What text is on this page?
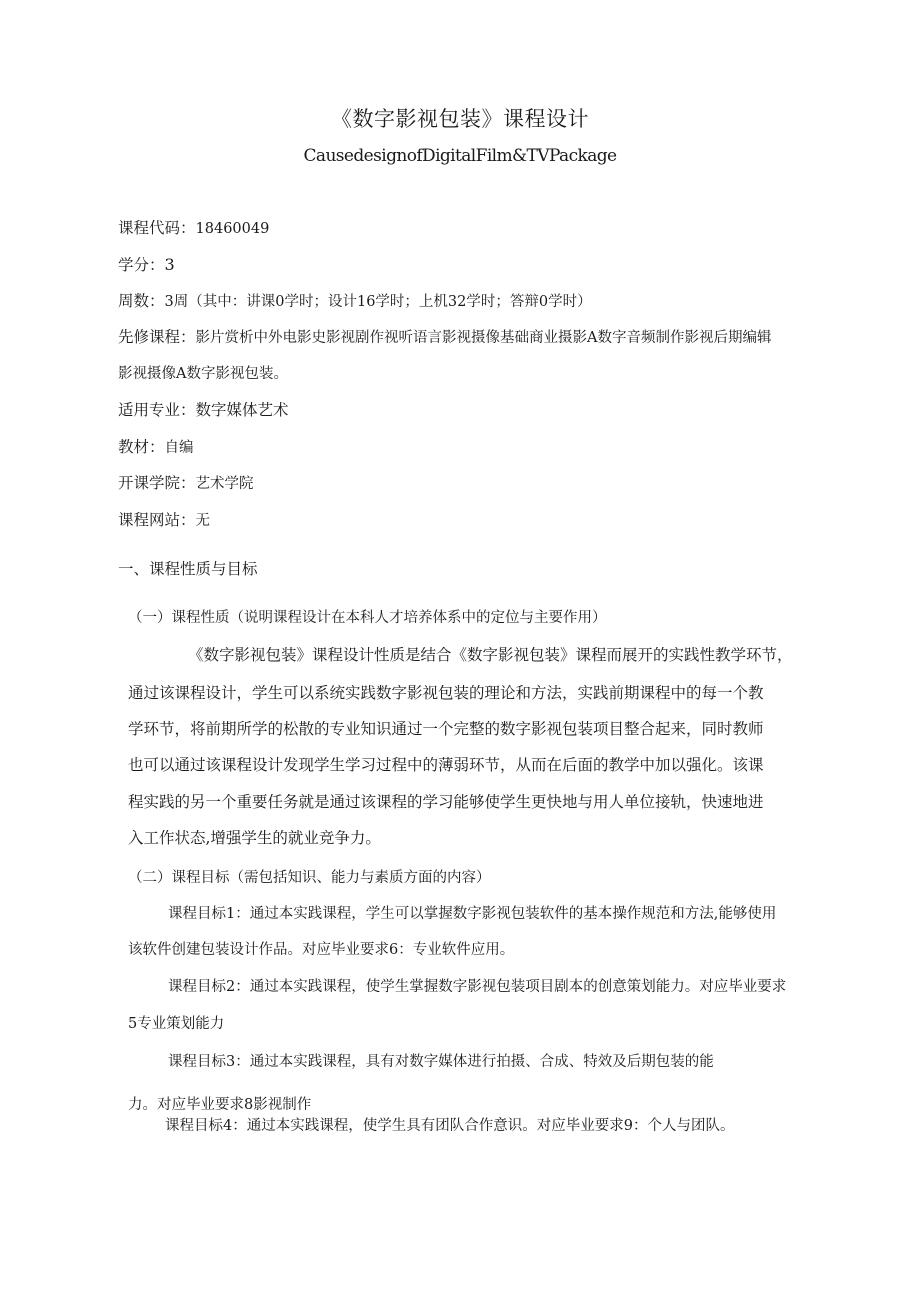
《数字影视包装》课程设计
CausedesignofDigitalFilm&TVPackage
课程代码：18460049
学分：3
周数：3周（其中：讲课0学时；设计16学时；上机32学时；答辩0学时）
先修课程：影片赏析中外电影史影视剧作视听语言影视摄像基础商业摄影A数字音频制作影视后期编辑
影视摄像A数字影视包装。
适用专业：数字媒体艺术
教材：自编
开课学院：艺术学院
课程网站：无
一、课程性质与目标
（一）课程性质（说明课程设计在本科人才培养体系中的定位与主要作用）
《数字影视包装》课程设计性质是结合《数字影视包装》课程而展开的实践性教学环节，
通过该课程设计，学生可以系统实践数字影视包装的理论和方法，实践前期课程中的每一个教
学环节，将前期所学的松散的专业知识通过一个完整的数字影视包装项目整合起来，同时教师
也可以通过该课程设计发现学生学习过程中的薄弱环节，从而在后面的教学中加以强化。该课
程实践的另一个重要任务就是通过该课程的学习能够使学生更快地与用人单位接轨，快速地进
入工作状态,增强学生的就业竞争力。
（二）课程目标（需包括知识、能力与素质方面的内容）
课程目标1：通过本实践课程，学生可以掌握数字影视包装软件的基本操作规范和方法,能够使用
该软件创建包装设计作品。对应毕业要求6：专业软件应用。
课程目标2：通过本实践课程，使学生掌握数字影视包装项目剧本的创意策划能力。对应毕业要求
5专业策划能力
课程目标3：通过本实践课程，具有对数字媒体进行拍摄、合成、特效及后期包装的能
力。对应毕业要求8影视制作
课程目标4：通过本实践课程，使学生具有团队合作意识。对应毕业要求9：个人与团队。
